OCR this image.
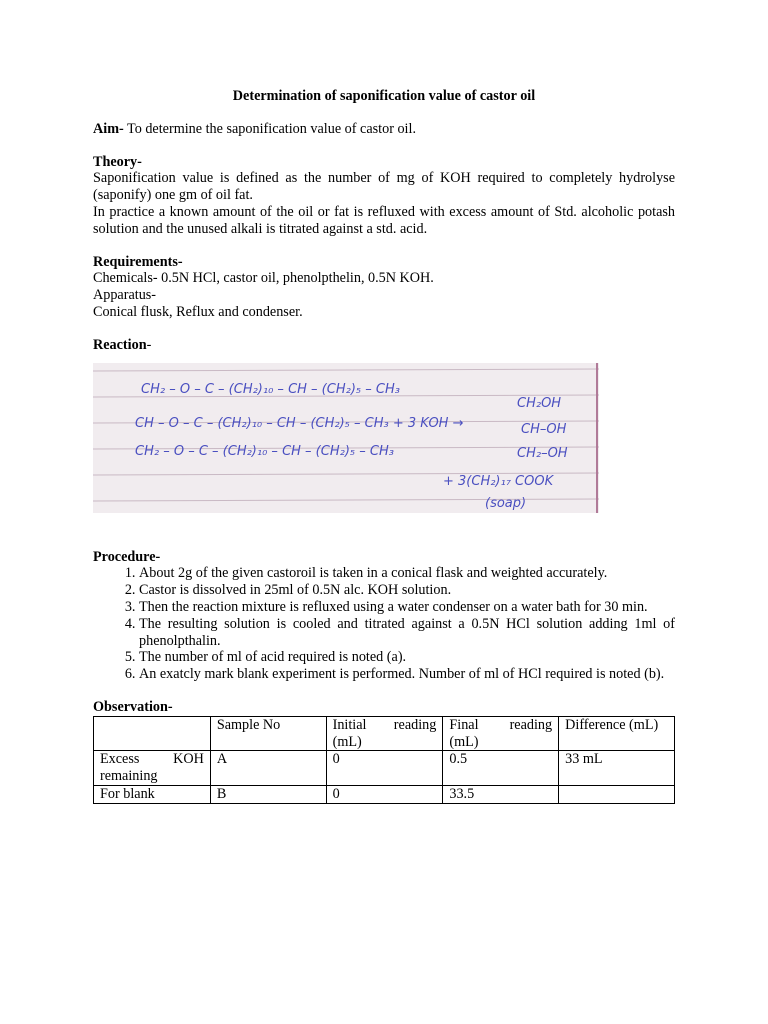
Determination of saponification value of castor oil

Aim- To determine the saponification value of castor oil.

Theory-

Saponification value is defined as the number of mg of KOH required to completely hydrolyse (saponify) one gm of oil fat.

In practice a known amount of the oil or fat is refluxed with excess amount of Std. alcoholic potash solution and the unused alkali is titrated against a std. acid.

Requirements-

Chemicals- 0.5N HCl, castor oil, phenolpthelin, 0.5N KOH.

Apparatus-

Conical flusk, Reflux and condenser.

Reaction-

CH₂ – O – C – (CH₂)₁₀ – CH – (CH₂)₅ – CH₃
CH – O – C – (CH₂)₁₀ – CH – (CH₂)₅ – CH₃ + 3 KOH →
CH₂ – O – C – (CH₂)₁₀ – CH – (CH₂)₅ – CH₃
CH₂OH
CH–OH
CH₂–OH
+ 3(CH₂)₁₇ COOK
(soap)

Procedure-

1. About 2g of the given castoroil is taken in a conical flask and weighted accurately.
2. Castor is dissolved in 25ml of 0.5N alc. KOH solution.
3. Then the reaction mixture is refluxed using a water condenser on a water bath for 30 min.
4. The resulting solution is cooled and titrated against a 0.5N HCl solution adding 1ml of phenolpthalin.
5. The number of ml of acid required is noted (a).
6. An exatcly mark blank experiment is performed. Number of ml of HCl required is noted (b).

Observation-

	Sample No	Initial reading (mL)	Final reading (mL)	Difference (mL)
Excess KOH remaining	A	0	0.5	33 mL
For blank	B	0	33.5	
